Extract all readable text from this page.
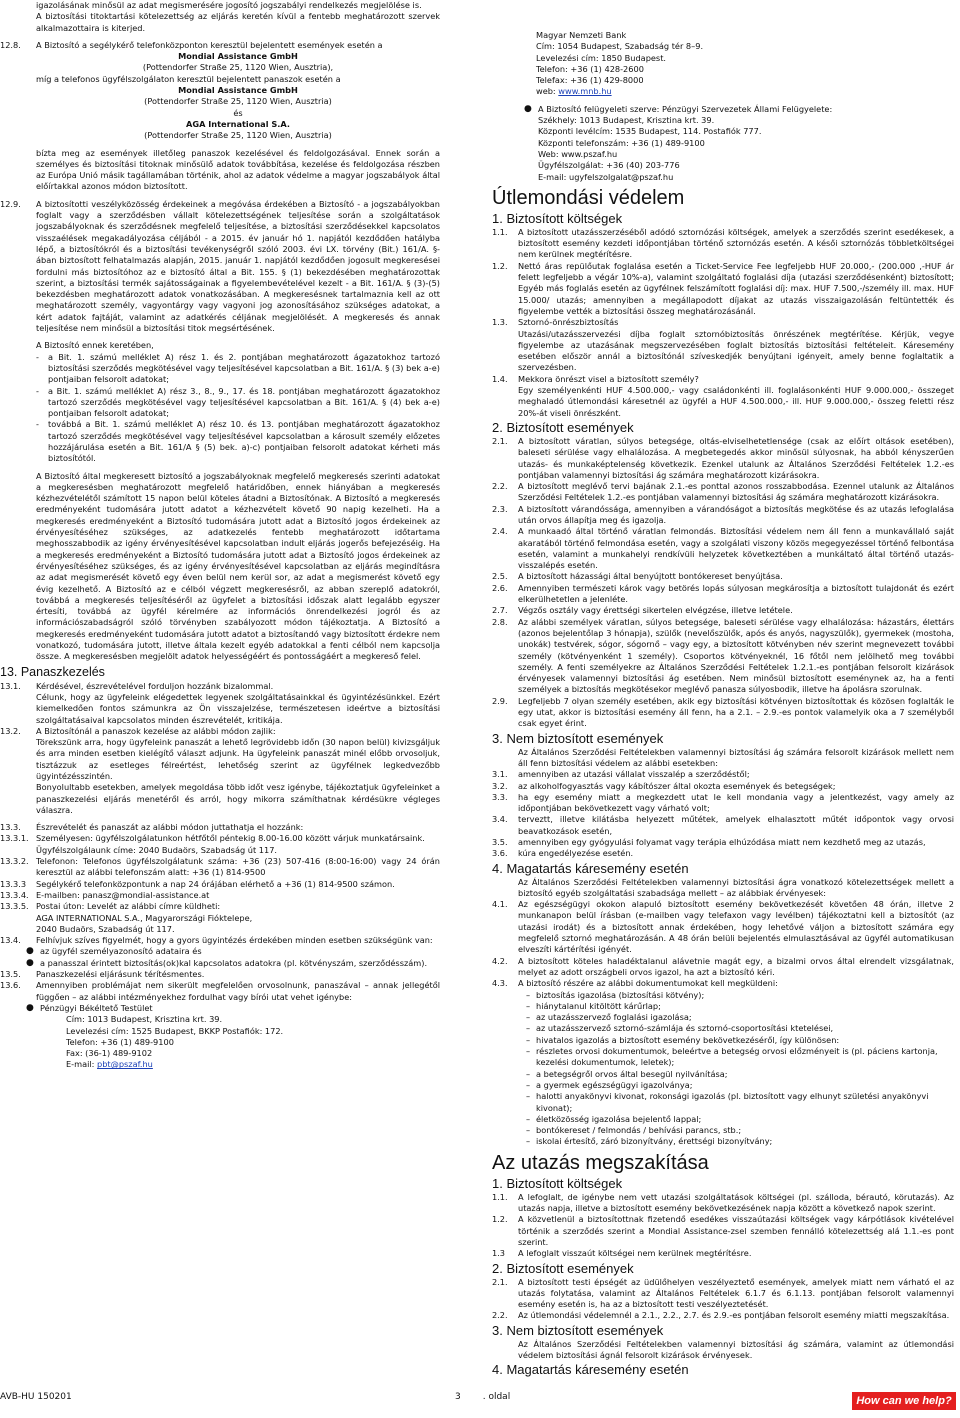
igazolásának minősül az adat megismerésére jogosító jogszabályi rendelkezés megjelölése is.

A biztosítási titoktartási kötelezettség az eljárás keretén kívül a fentebb meghatározott szervek alkalmazottaira is kiterjed.

12.8.	A Biztosító a segélykérő telefonközponton keresztül bejelentett események esetén a
Mondial Assistance GmbH
(Pottendorfer Straße 25, 1120 Wien, Ausztria),
míg a telefonos ügyfélszolgálaton keresztül bejelentett panaszok esetén a
Mondial Assistance GmbH
(Pottendorfer Straße 25, 1120 Wien, Ausztria)
és
AGA International S.A.
(Pottendorfer Straße 25, 1120 Wien, Ausztria)

bízta meg az események illetőleg panaszok kezelésével és feldolgozásával. Ennek során a személyes és biztosítási titoknak minősülő adatok továbbítása, kezelése és feldolgozása részben az Európa Unió másik tagállamában történik, ahol az adatok védelme a magyar jogszabályok által előírtakkal azonos módon biztosított.

12.9.	A biztosítotti veszélyközösség érdekeinek a megóvása érdekében a Biztosító - a jogszabályokban foglalt vagy a szerződésben vállalt kötelezettségének teljesítése során a szolgáltatások jogszabályoknak és szerződésnek megfelelő teljesítése, a biztosítási szerződésekkel kapcsolatos visszaélések megakadályozása céljából - a 2015. év január hó 1. napjától kezdődően hatályba lépő, a biztosítókról és a biztosítási tevékenységről szóló 2003. évi LX. törvény (Bit.) 161/A. §-ában biztosított felhatalmazás alapján, 2015. január 1. napjától kezdődően jogosult megkeresései fordulni más biztosítóhoz az e biztosító által a Bit. 155. § (1) bekezdésében meghatározottak szerint, a biztosítási termék sajátosságainak a figyelembevételével kezelt - a Bit. 161/A. § (3)-(5) bekezdésben meghatározott adatok vonatkozásában. A megkeresésnek tartalmaznia kell az ott meghatározott személy, vagyontárgy vagy vagyoni jog azonosításához szükséges adatokat, a kért adatok fajtáját, valamint az adatkérés céljának megjelölését. A megkeresés és annak teljesítése nem minősül a biztosítási titok megsértésének.

A Biztosító ennek keretében,

-	a Bit. 1. számú melléklet A) rész 1. és 2. pontjában meghatározott ágazatokhoz tartozó biztosítási szerződés megkötésével vagy teljesítésével kapcsolatban a Bit. 161/A. § (3) bek a-e) pontjaiban felsorolt adatokat;
-	a Bit. 1. számú melléklet A) rész 3., 8., 9., 17. és 18. pontjában meghatározott ágazatokhoz tartozó szerződés megkötésével vagy teljesítésével kapcsolatban a Bit. 161/A. § (4) bek a-e) pontjaiban felsorolt adatokat;
-	továbbá a Bit. 1. számú melléklet A) rész 10. és 13. pontjában meghatározott ágazatokhoz tartozó szerződés megkötésével vagy teljesítésével kapcsolatban a károsult személy előzetes hozzájárulása esetén a Bit. 161/A § (5) bek. a)-c) pontjaiban felsorolt adatokat kérheti más biztosítótól.

A Biztosító által megkeresett biztosító a jogszabályoknak megfelelő megkeresés szerinti adatokat a megkeresésben meghatározott megfelelő határidőben, ennek hiányában a megkeresés kézhezvételétől számított 15 napon belül köteles átadni a Biztosítónak. A Biztosító a megkeresés eredményeként tudomására jutott adatot a kézhezvételt követő 90 napig kezelheti. Ha a megkeresés eredményeként a Biztosító tudomására jutott adat a Biztosító jogos érdekeinek az érvényesítéséhez szükséges, az adatkezelés fentebb meghatározott időtartama meghosszabbodik az igény érvényesítésével kapcsolatban indult eljárás jogerős befejezéséig. Ha a megkeresés eredményeként a Biztosító tudomására jutott adat a Biztosító jogos érdekeinek az érvényesítéséhez szükséges, és az igény érvényesítésével kapcsolatban az eljárás megindításra az adat megismerését követő egy éven belül nem kerül sor, az adat a megismerést követő egy évig kezelhető. A Biztosító az e célból végzett megkeresésről, az abban szereplő adatokról, továbbá a megkeresés teljesítéséről az ügyfelet a biztosítási időszak alatt legalább egyszer értesíti, továbbá az ügyfél kérelmére az információs önrendelkezési jogról és az információszabadságról szóló törvényben szabályozott módon tájékoztatja. A Biztosító a megkeresés eredményeként tudomására jutott adatot a biztosítandó vagy biztosított érdekre nem vonatkozó, tudomására jutott, illetve általa kezelt egyéb adatokkal a fenti célból nem kapcsolja össze. A megkeresésben megjelölt adatok helyességéért és pontosságáért a megkereső felel.

13. Panaszkezelés
13.1.	Kérdésével, észrevételével forduljon hozzánk bizalommal.

Célunk, hogy az ügyfeleink elégedettek legyenek szolgáltatásainkkal és ügyintézésünkkel. Ezért kiemelkedően fontos számunkra az Ön visszajelzése, természetesen ideértve a biztosítási szolgáltatásaival kapcsolatos minden észrevételét, kritikája.

13.2.	A Biztosítónál a panaszok kezelése az alábbi módon zajlik:

Törekszünk arra, hogy ügyfeleink panaszát a lehető legrövidebb időn (30 napon belül) kivizsgáljuk és arra minden esetben kielégítő választ adjunk. Ha ügyfeleink panaszát minél előbb orvosoljuk, tisztázzuk az esetleges félreértést, lehetőség szerint az ügyfélnek legkedvezőbb ügyintézésszintén.

Bonyolultabb esetekben, amelyek megoldása több időt vesz igénybe, tájékoztatjuk ügyfeleinket a panaszkezelési eljárás menetéről és arról, hogy mikorra számíthatnak kérdésükre végleges válaszra.

13.3.	Észrevételét és panaszát az alábbi módon juttathatja el hozzánk:
13.3.1. Személyesen: ügyfélszolgálatunkon hétfőtől péntekig 8.00-16.00 között várjuk munkatársaink.

Ügyfélszolgálaunk címe: 2040 Budaörs, Szabadság út 117.

13.3.2. Telefonon: Telefonos ügyfélszolgálatunk száma: +36 (23) 507-416 (8:00-16:00) vagy 24 órán keresztül az alábbi telefonszám alatt: +36 (1) 814-9500
13.3.3	Segélykérő telefonközpontunk a nap 24 órájában elérhető a +36 (1) 814-9500 számon.
13.3.4. E-mailben: panasz@mondial-assistance.at
13.3.5. Postai úton: Levelét az alábbi címre küldheti:

AGA INTERNATIONAL S.A., Magyarországi Fióktelepe,

2040 Budaörs, Szabadság út 117.

13.4.	Felhívjuk szíves figyelmét, hogy a gyors ügyintézés érdekében minden esetben szükségünk van:
● az ügyfél személyazonosító adataira és
● a panasszal érintett biztosítás(ok)kal kapcsolatos adatokra (pl. kötvényszám, szerződésszám).
13.5.	Panaszkezelési eljárásunk térítésmentes.
13.6.	Amennyiben problémájat nem sikerült megfelelően orvosolnunk, panaszával – annak jellegétől függően – az alábbi intézményekhez fordulhat vagy bírói utat vehet igénybe:
● Pénzügyi Békéltető Testület
Cím: 1013 Budapest, Krisztina krt. 39.
Levelezési cím: 1525 Budapest, BKKP Postafiók: 172.
Telefon: +36 (1) 489-9100
Fax: (36-1) 489-9102
E-mail: pbt@pszaf.hu
Magyar Nemzeti Bank
Cím: 1054 Budapest, Szabadság tér 8–9.
Levelezési cím: 1850 Budapest.
Telefon: +36 (1) 428-2600
Telefax: +36 (1) 429-8000
web: www.mnb.hu
● A Biztosító felügyeleti szerve: Pénzügyi Szervezetek Állami Felügyelete:
Székhely: 1013 Budapest, Krisztina krt. 39.
Központi levélcím: 1535 Budapest, 114. Postafiók 777.
Központi telefonszám: +36 (1) 489-9100
Web: www.pszaf.hu
Ügyfélszolgálat: +36 (40) 203-776
E-mail: ugyfelszolgalat@pszaf.hu
Útlemondási védelem
1. Biztosított költségek
1.1.	A biztosított utazásszerzéséből adódó sztornózási költségek, amelyek a szerződés szerint esedékesek, a biztosított esemény kezdeti időpontjában történő sztornózás esetén. A késői sztornózás többletköltségei nem kerülnek megtérítésre.
1.2.	Nettó áras repülőutak foglalása esetén a Ticket-Service Fee legfeljebb HUF 20.000,- (200.000 ,-HUF ár felett legfeljebb a végár 10%-a), valamint szolgáltató foglalási díja (utazási szerződésenként) biztosított; Egyéb más foglalás esetén az ügyfélnek felszámított foglalási díj: max. HUF 7.500,-/személy ill. max. HUF 15.000/ utazás; amennyiben a megállapodott díjakat az utazás visszaigazolásán feltüntették és figyelembe vették a biztosítási összeg meghatározásánál.
1.3.	Sztornó-önrészbiztosítás

Utazási/utazásszervezési díjba foglalt sztornóbiztosítás önrészének megtérítése. Kérjük, vegye figyelembe az utazásának megszervezésében foglalt biztosítás biztosítási feltételeit. Káresemény esetében először annál a biztosítónál szíveskedjék benyújtani igényeit, amely benne foglaltatik a szervezésben.

1.4.	Mekkora önrészt visel a biztosított személy?

Egy személyenkénti HUF 4.500.000,- vagy családonkénti ill. foglalásonkénti HUF 9.000.000,- összeget meghaladó útlemondási káresetnél az ügyfél a HUF 4.500.000,- ill. HUF 9.000.000,- összeg feletti rész 20%-át viseli önrészként.

2. Biztosított események
2.1.	A biztosított váratlan, súlyos betegsége, oltás-elviselhetetlensége (csak az előírt oltások esetében), baleseti sérülése vagy elhalálozása. A megbetegedés akkor minősül súlyosnak, ha abból kényszerűen utazás- és munkaképtelenség következik. Ezenkel utalunk az Általános Szerződési Feltételek 1.2.-es pontjában valamennyi biztosítási ág számára meghatározott kizárásokra.
2.2.	A biztosított meglévő tervi bajának 2.1.-es ponttal azonos rosszabbodása. Ezennel utalunk az Általános Szerződési Feltételek 1.2.-es pontjában valamennyi biztosítási ág számára meghatározott kizárásokra.
2.3.	A biztosított várandóssága, amennyiben a várandóságot a biztosítás megkötése és az utazás lefoglalása után orvos állapítja meg és igazolja.
2.4.	A munkaadó által történő váratlan felmondás. Biztosítási védelem nem áll fenn a munkavállaló saját akaratából történő felmondása esetén, vagy a szolgálati viszony közös megegyezéssel történő felbontása esetén, valamint a munkahelyi rendkívüli helyzetek következtében a munkáltató által történő utazás-visszalépés esetén.
2.5.	A biztosított házassági által benyújtott bontókereset benyújtása.
2.6.	Amennyiben természeti károk vagy betörés lopás súlyosan megkárosítja a biztosított tulajdonát és ezért elkerülhetetlen a jelenléte.
2.7.	Végzős osztály vagy érettségi sikertelen elvégzése, illetve letétele.
2.8.	Az alábbi személyek váratlan, súlyos betegsége, baleseti sérülése vagy elhalálozása: házastárs, élettárs (azonos bejelentőlap 3 hónapja), szülők (nevelőszülők, após és anyós, nagyszülők), gyermekek (mostoha, unokák) testvérek, sógor, sógornő – vagy egy, a biztosított kötvényben név szerint megnevezett további személy (kötvényenként 1 személy). Csoportos kötvényeknél, 16 főtől nem jelölhető meg további személy. A fenti személyekre az Általános Szerződési Feltételek 1.2.1.-es pontjában felsorolt kizárások érvényesek valamennyi biztosítási ág esetében. Nem minősül biztosított eseménynek az, ha a fenti személyek a biztosítás megkötésekor meglévő panasza súlyosbodik, illetve ha ápolásra szorulnak.
2.9.	Legfeljebb 7 olyan személy esetében, akik egy biztosítási kötvényen biztosítottak és közösen foglalták le egy utat, akkor is biztosítási esemény áll fenn, ha a 2.1. – 2.9.-es pontok valamelyik oka a 7 személyből csak egyet érint.
3. Nem biztosított események

Az Általános Szerződési Feltételekben valamennyi biztosítási ág számára felsorolt kizárások mellett nem áll fenn biztosítási védelem az alábbi esetekben:

3.1.	amennyiben az utazási vállalat visszalép a szerződéstől;
3.2.	az alkoholfogyasztás vagy kábítószer által okozta események és betegségek;
3.3.	ha egy esemény miatt a megkezdett utat le kell mondania vagy a jelentkezést, vagy amely az időpontjában bekövetkezett vagy várható volt;
3.4.	terveztt, illetve kilátásba helyezett műtétek, amelyek elhalasztott műtét időpontok vagy orvosi beavatkozások esetén,
3.5.	amennyiben egy gyógyulási folyamat vagy terápia elhúzódása miatt nem kezdhető meg az utazás,
3.6.	kúra engedélyezése esetén.
4. Magatartás káresemény esetén

Az Általános Szerződési Feltételekben valamennyi biztosítási ágra vonatkozó kötelezettségek mellett a biztosító egyéb szolgáltatási szabadsága mellett – az alábbiak érvényesek:

4.1.	Az egészségügyi okokon alapuló biztosított esemény bekövetkezését követően 48 órán, illetve 2 munkanapon belül írásban (e-mailben vagy telefaxon vagy levélben) tájékoztatni kell a biztosítót (az utazási irodát) és a biztosított annak érdekében, hogy lehetővé váljon a biztosított számára egy megfelelő sztornó meghatározásán. A 48 órán belüli bejelentés elmulasztásával az ügyfél automatikusan elveszíti kártérítési igényét.
4.2.	A biztosított köteles haladéktalanul alávetnie magát egy, a bizalmi orvos által elrendelt vizsgálatnak, melyet az adott országbeli orvos igazol, ha azt a biztosító kéri.
4.3.	A biztosító részére az alábbi dokumentumokat kell megküldeni:
– biztosítás igazolása (biztosítási kötvény);
– hiánytalanul kitöltött kárűrlap;
– az utazásszervező foglalási igazolása;
– az utazásszervező sztornó-számlája és sztornó-csoportosítási ktetelései,
– hivatalos igazolás a biztosított esemény bekövetkezéséről, így különösen:
– részletes orvosi dokumentumok, beleértve a betegség orvosi előzményeit is (pl. páciens kartonja, kezelési dokumentumok, leletek);
– a betegségről orvos által besegül nyilvánítása;
– a gyermek egészségügyi igazolványa;
– halotti anyakönyvi kivonat, rokonsági igazolás (pl. biztosított vagy elhunyt születési anyakönyvi kivonat);
– életközösség igazolása bejelentő lappal;
– bontókereset / felmondás / behívási parancs, stb.;
– iskolai értesítő, záró bizonyítvány, érettségi bizonyítvány;
Az utazás megszakítása
1. Biztosított költségek
1.1.	A lefoglalt, de igénybe nem vett utazási szolgáltatások költségei (pl. szálloda, bérautó, körutazás). Az utazás napja, illetve a biztosított esemény bekövetkezésének napja között a következő napok szerint.
1.2.	A közvetlenül a biztosítottnak fizetendő esedékes visszaútazási költségek vagy kárpótlások kivételével történik a szerződés szerint a Mondial Assistance-zsel szemben fennálló kötelezettség alá 1.1.-es pont szerint.
1.3	A lefoglalt visszaút költségei nem kerülnek megtérítésre.
2. Biztosított események
2.1.	A biztosított testi épségét az üdülőhelyen veszélyeztető események, amelyek miatt nem várható el az utazás folytatása, valamint az Általános Feltételek 6.1.7 és 6.1.13. pontjában felsorolt valamennyi esemény esetén is, ha az a biztosított testi veszélyeztetését.
2.2.	Az útlemondási védelemnél a 2.1., 2.2., 2.7. és 2.9.-es pontjában felsorolt esemény miatti megszakítása.
3. Nem biztosított események

Az Általános Szerződési Feltételekben valamennyi biztosítási ág számára, valamint az útlemondási védelem biztosítási ágnál felsorolt kizárások érvényesek.

4. Magatartás káresemény esetén
AVB-HU 150201	3 . oldal	How can we help?
